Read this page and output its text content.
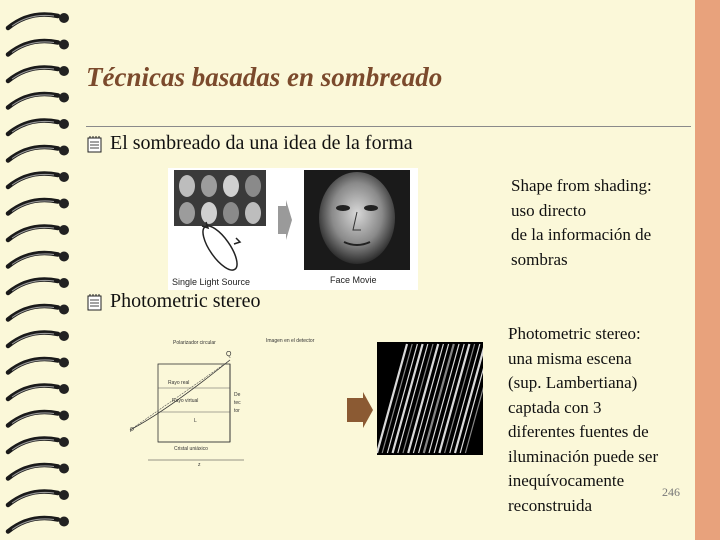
Técnicas basadas en sombreado
El sombreado da una idea de la forma
Photometric stereo
Single Light Source	Face Movie
Polarizador circular
Q
Imagen en el detector
Rayo real
Rayo virtual
L
De
tec
tor
P
Cristal uniáxico
z
Shape from shading:
uso directo
de la información de
sombras
Photometric stereo:
una misma escena
(sup. Lambertiana)
captada con 3
diferentes fuentes de
iluminación puede ser
inequívocamente
reconstruida
246
